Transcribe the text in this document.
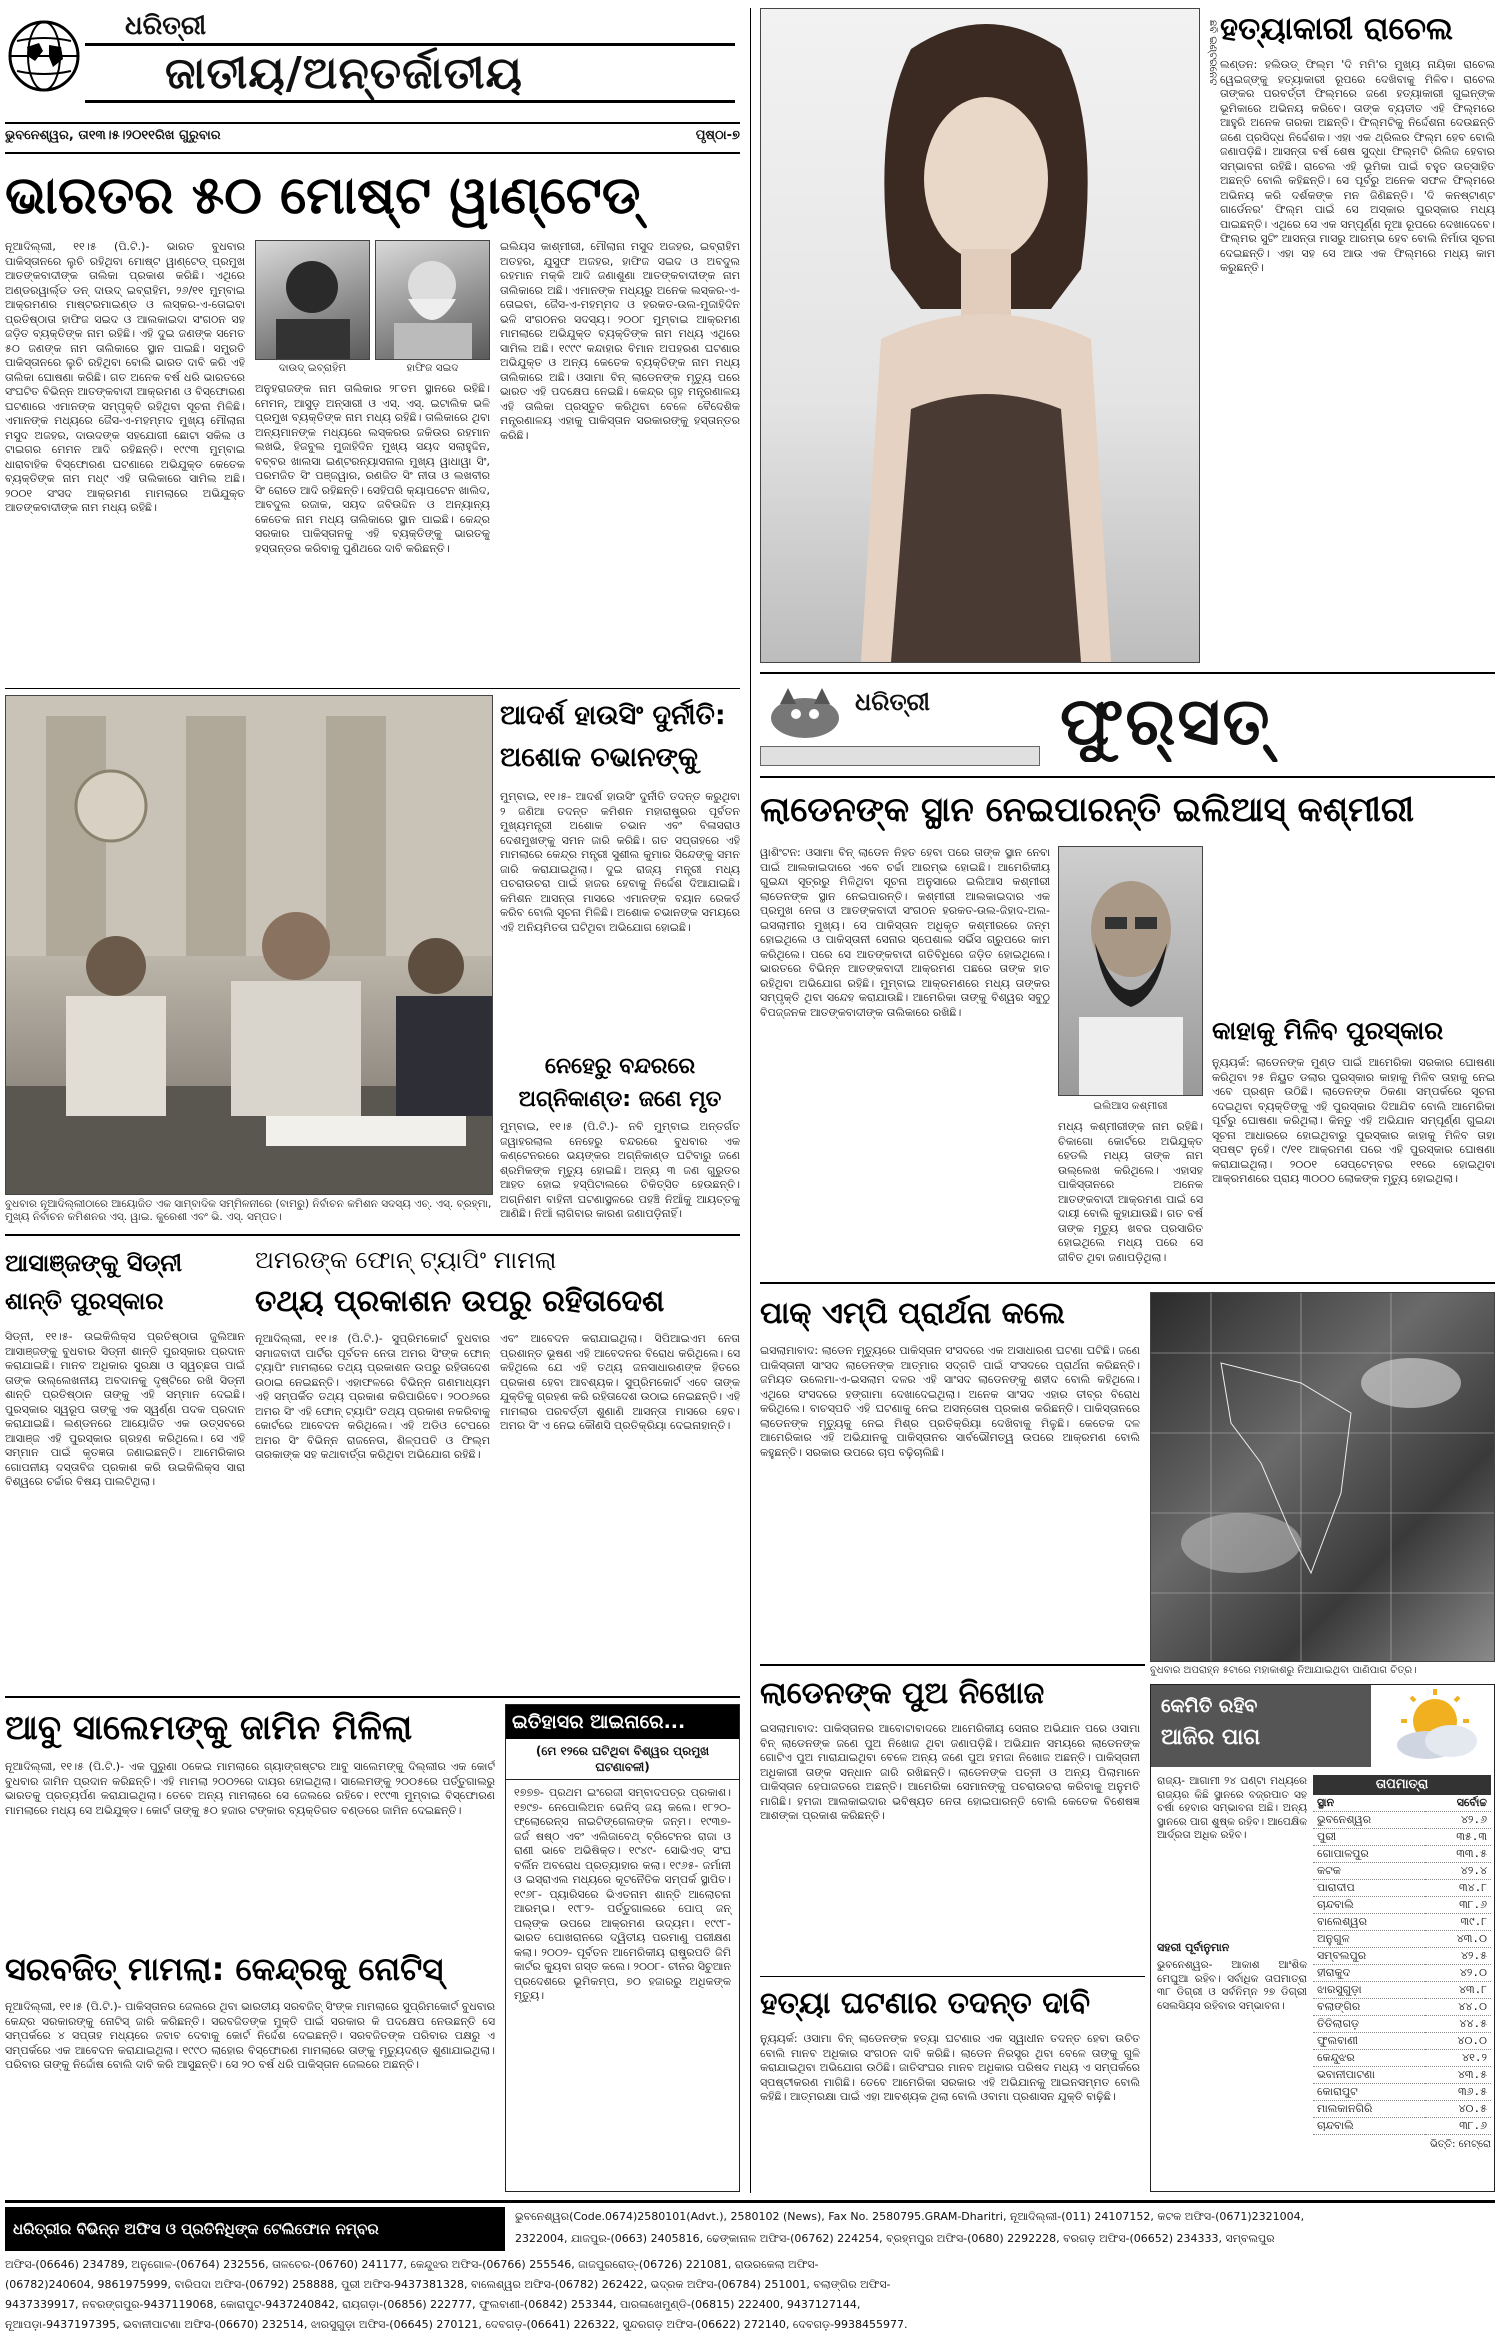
ଧରିତ୍ରୀ
ଜାତୀୟ/ଅନ୍ତର୍ଜାତୀୟ
ଭୁବନେଶ୍ୱର, ତା୧୩।୫।୨୦୧୧ରିଖ ଗୁରୁବାର	ପୃଷ୍ଠା-୭
ଭାରତର ୫୦ ମୋଷ୍ଟ ୱାଣ୍ଟେଡ୍
ନୂଆଦିଲ୍ଲୀ, ୧୧।୫ (ପି.ଟି.)- ଭାରତ ବୁଧବାର ପାକିସ୍ତାନରେ ଲୁଚି ରହିଥିବା ମୋଷ୍ଟ ୱାଣ୍ଟେଡ୍ ପ୍ରମୁଖ ଆତଙ୍କବାଦୀଙ୍କ ତାଲିକା ପ୍ରକାଶ କରିଛି। ଏଥିରେ ଅଣ୍ଡରୱାର୍ଲ୍ଡ ଡନ୍ ଦାଉଦ୍ ଇବ୍ରାହିମ, ୨୬/୧୧ ମୁମ୍ବାଇ ଆକ୍ରମଣର ମାଷ୍ଟରମାଇଣ୍ଡ ଓ ଲସ୍କର-ଏ-ତୋଇବା ପ୍ରତିଷ୍ଠାତା ହାଫିଜ ସଇଦ ଓ ଆଲକାଇଦା ସଂଗଠନ ସହ ଜଡ଼ିତ ବ୍ୟକ୍ତିଙ୍କ ନାମ ରହିଛି। ଏହି ଦୁଇ ଜଣଙ୍କ ସମେତ ୫୦ ଜଣଙ୍କ ନାମ ତାଲିକାରେ ସ୍ଥାନ ପାଇଛି। ସମ୍ପ୍ରତି ପାକିସ୍ତାନରେ ଲୁଚି ରହିଥିବା ବୋଲି ଭାରତ ଦାବି କରି ଏହି ତାଲିକା ଘୋଷଣା କରିଛି। ଗତ ଅନେକ ବର୍ଷ ଧରି ଭାରତରେ ସଂଘଟିତ ବିଭିନ୍ନ ଆତଙ୍କବାଦୀ ଆକ୍ରମଣ ଓ ବିସ୍ଫୋରଣ ଘଟଣାରେ ଏମାନଙ୍କ ସମ୍ପୃକ୍ତି ରହିଥିବା ସୂଚନା ମିଳିଛି। ଏମାନଙ୍କ ମଧ୍ୟରେ ଜୈସ-ଏ-ମହମ୍ମଦ ମୁଖ୍ୟ ମୌଲାନା ମସୁଦ ଅଜହର, ଦାଉଦଙ୍କ ସହଯୋଗୀ ଛୋଟା ସକିଲ ଓ ଟାଇଗର ମେମନ ଆଦି ରହିଛନ୍ତି। ୧୯୯୩ ମୁମ୍ବାଇ ଧାରାବାହିକ ବିସ୍ଫୋରଣ ଘଟଣାରେ ଅଭିଯୁକ୍ତ କେତେକ ବ୍ୟକ୍ତିଙ୍କ ନାମ ମଧ୍୯ ଏହି ତାଲିକାରେ ସାମିଲ ଅଛି। ୨୦୦୧ ସଂସଦ ଆକ୍ରମଣ ମାମଲାରେ ଅଭିଯୁକ୍ତ ଆତଙ୍କବାଦୀଙ୍କ ନାମ ମଧ୍ୟ ରହିଛି।
ଦାଉଦ୍ ଇବ୍ରାହିମ	ହାଫିଜ ସଇଦ
ଅନୁହରାଜଙ୍କ ନାମ ତାଲିକାର ୨୮ତମ ସ୍ଥାନରେ ରହିଛି। ମେମନ୍, ଆସୁଡ଼ ଅନ୍ସାରୀ ଓ ଏସ୍. ଏସ୍. ଇଟାଲିକ ଭଳି ପ୍ରମୁଖ ବ୍ୟକ୍ତିଙ୍କ ନାମ ମଧ୍ୟ ରହିଛି। ତାଲିକାରେ ଥିବା ଅନ୍ୟମାନଙ୍କ ମଧ୍ୟରେ ଲସ୍କରର ଜକିଉର ରହମାନ ଲଖଭି, ହିଜବୁଲ ମୁଜାହିଦିନ ମୁଖ୍ୟ ସୟଦ ସଲାହୁଦ୍ଦିନ, ବବ୍ବର ଖାଲସା ଇଣ୍ଟରନ୍ୟାସନାଲ ମୁଖ୍ୟ ୱାଧାୱା ସିଂ, ପରମଜିତ ସିଂ ପଞ୍ଜୱାର, ରଣଜିତ ସିଂ ନୀତା ଓ ଲଖବୀର ସିଂ ରୋଡେ ଆଦି ରହିଛନ୍ତି। ସେହିପରି କ୍ୟାପଟେନ ଖାଲିଦ, ଆବଦୁଲ ରଜାକ, ସୟଦ ଜବିଉଦ୍ଦିନ ଓ ଅନ୍ୟାନ୍ୟ କେତେକ ନାମ ମଧ୍ୟ ତାଲିକାରେ ସ୍ଥାନ ପାଇଛି। କେନ୍ଦ୍ର ସରକାର ପାକିସ୍ତାନକୁ ଏହି ବ୍ୟକ୍ତିଙ୍କୁ ଭାରତକୁ ହସ୍ତାନ୍ତର କରିବାକୁ ପୁଣିଥରେ ଦାବି କରିଛନ୍ତି।
ଇଲିୟସ କାଶ୍ମୀରୀ, ମୌଲାନା ମସୁଦ ଅଜହର, ଇବ୍ରାହିମ ଅତହର, ଯୁସୁଫ ଅଜହର, ହାଫିଜ ସଇଦ ଓ ଅବଦୁଲ ରହମାନ ମକ୍କି ଆଦି ଜଣାଶୁଣା ଆତଙ୍କବାଦୀଙ୍କ ନାମ ତାଲିକାରେ ଅଛି। ଏମାନଙ୍କ ମଧ୍ୟରୁ ଅନେକ ଲସ୍କର-ଏ-ତୋଇବା, ଜୈସ-ଏ-ମହମ୍ମଦ ଓ ହରକତ-ଉଲ-ମୁଜାହିଦିନ ଭଳି ସଂଗଠନର ସଦସ୍ୟ। ୨୦୦୮ ମୁମ୍ବାଇ ଆକ୍ରମଣ ମାମଲାରେ ଅଭିଯୁକ୍ତ ବ୍ୟକ୍ତିଙ୍କ ନାମ ମଧ୍ୟ ଏଥିରେ ସାମିଲ ଅଛି। ୧୯୯୯ କନ୍ଦାହାର ବିମାନ ଅପହରଣ ଘଟଣାର ଅଭିଯୁକ୍ତ ଓ ଅନ୍ୟ କେତେକ ବ୍ୟକ୍ତିଙ୍କ ନାମ ମଧ୍ୟ ତାଲିକାରେ ଅଛି। ଓସାମା ବିନ୍ ଲାଡେନଙ୍କ ମୃତ୍ୟୁ ପରେ ଭାରତ ଏହି ପଦକ୍ଷେପ ନେଇଛି। କେନ୍ଦ୍ର ଗୃହ ମନ୍ତ୍ରଣାଳୟ ଏହି ତାଲିକା ପ୍ରସ୍ତୁତ କରିଥିବା ବେଳେ ବୈଦେଶିକ ମନ୍ତ୍ରଣାଳୟ ଏହାକୁ ପାକିସ୍ତାନ ସରକାରଙ୍କୁ ହସ୍ତାନ୍ତର କରିଛି।
ବୁଧବାର ନୂଆଦିଲ୍ଲୀଠାରେ ଆୟୋଜିତ ଏକ ସାମ୍ବାଦିକ ସମ୍ମିଳନୀରେ (ବାମରୁ) ନିର୍ବାଚନ କମିଶନ ସଦସ୍ୟ ଏଚ୍. ଏସ୍. ବ୍ରହ୍ମା, ମୁଖ୍ୟ ନିର୍ବାଚନ କମିଶନର ଏସ୍. ୱାଇ. କୁରେଶୀ ଏବଂ ଭି. ଏସ୍. ସମ୍ପତ।
ଆଦର୍ଶ ହାଉସିଂ ଦୁର୍ନୀତି: ଅଶୋକ ଚଭାନଙ୍କୁ
ମୁମ୍ବାଇ, ୧୧।୫- ଆଦର୍ଶ ହାଉସିଂ ଦୁର୍ନୀତି ତଦନ୍ତ କରୁଥିବା ୨ ଜଣିଆ ତଦନ୍ତ କମିଶନ ମହାରାଷ୍ଟ୍ରର ପୂର୍ବତନ ମୁଖ୍ୟମନ୍ତ୍ରୀ ଅଶୋକ ଚଭାନ ଏବଂ ବିଳାସରାଓ ଦେଶମୁଖଙ୍କୁ ସମନ ଜାରି କରିଛି। ଗତ ସପ୍ତାହରେ ଏହି ମାମଲାରେ କେନ୍ଦ୍ର ମନ୍ତ୍ରୀ ସୁଶୀଲ କୁମାର ସିନ୍ଦେଙ୍କୁ ସମନ ଜାରି କରାଯାଇଥିଲା। ଦୁଇ ରାଜ୍ୟ ମନ୍ତ୍ରୀ ମଧ୍ୟ ପଚରାଉଚରା ପାଇଁ ହାଜର ହେବାକୁ ନିର୍ଦ୍ଦେଶ ଦିଆଯାଇଛି। କମିଶନ ଆସନ୍ତା ମାସରେ ଏମାନଙ୍କ ବୟାନ ରେକର୍ଡ କରିବ ବୋଲି ସୂଚନା ମିଳିଛି। ଅଶୋକ ଚଭାନଙ୍କ ସମୟରେ ଏହି ଅନିୟମିତତା ଘଟିଥିବା ଅଭିଯୋଗ ହୋଇଛି।
ନେହେରୁ ବନ୍ଦରରେ ଅଗ୍ନିକାଣ୍ଡ: ଜଣେ ମୃତ
ମୁମ୍ବାଇ, ୧୧।୫ (ପି.ଟି.)- ନବି ମୁମ୍ବାଇ ଅନ୍ତର୍ଗତ ଜୱାହରଲାଲ ନେହେରୁ ବନ୍ଦରରେ ବୁଧବାର ଏକ କଣ୍ଟେନରରେ ଭୟଙ୍କର ଅଗ୍ନିକାଣ୍ଡ ଘଟିବାରୁ ଜଣେ ଶ୍ରମିକଙ୍କ ମୃତ୍ୟୁ ହୋଇଛି। ଅନ୍ୟ ୩ ଜଣ ଗୁରୁତର ଆହତ ହୋଇ ହସ୍ପିଟାଲରେ ଚିକିତ୍ସିତ ହେଉଛନ୍ତି। ଅଗ୍ନିଶମ ବାହିନୀ ଘଟଣାସ୍ଥଳରେ ପହଞ୍ଚି ନିଆଁକୁ ଆୟତ୍ତକୁ ଆଣିଛି। ନିଆଁ ଲାଗିବାର କାରଣ ଜଣାପଡ଼ିନାହିଁ।
ଛବି ଇଣ୍ଟରନେଟ ହତ୍ୟାକାରୀ ରାଚେଲ
ଲଣ୍ଡନ: ହଲିଉଡ୍ ଫିଲ୍ମ 'ଦି ମମି'ର ମୁଖ୍ୟ ନାୟିକା ରାଚେଲ ୱେଇଜ୍‌ଙ୍କୁ ହତ୍ୟାକାରୀ ରୂପରେ ଦେଖିବାକୁ ମିଳିବ। ରାଚେଲ ତାଙ୍କର ପରବର୍ତ୍ତୀ ଫିଲ୍ମରେ ଜଣେ ହତ୍ୟାକାରୀ ଗୁଇନ୍‌ଙ୍କ ଭୂମିକାରେ ଅଭିନୟ କରିବେ। ତାଙ୍କ ବ୍ୟତୀତ ଏହି ଫିଲ୍ମରେ ଆହୁରି ଅନେକ ତାରକା ଅଛନ୍ତି। ଫିଲ୍ମଟିକୁ ନିର୍ଦ୍ଦେଶନା ଦେଉଛନ୍ତି ଜଣେ ପ୍ରସିଦ୍ଧ ନିର୍ଦ୍ଦେଶକ। ଏହା ଏକ ଥ୍ରିଲର ଫିଲ୍ମ ହେବ ବୋଲି ଜଣାପଡ଼ିଛି। ଆସନ୍ତା ବର୍ଷ ଶେଷ ସୁଦ୍ଧା ଫିଲ୍ମଟି ରିଲିଜ ହେବାର ସମ୍ଭାବନା ରହିଛି। ରାଚେଲ ଏହି ଭୂମିକା ପାଇଁ ବହୁତ ଉତ୍ସାହିତ ଅଛନ୍ତି ବୋଲି କହିଛନ୍ତି। ସେ ପୂର୍ବରୁ ଅନେକ ସଫଳ ଫିଲ୍ମରେ ଅଭିନୟ କରି ଦର୍ଶକଙ୍କ ମନ ଜିଣିଛନ୍ତି। 'ଦି କନଷ୍ଟାଣ୍ଟ ଗାର୍ଡେନର' ଫିଲ୍ମ ପାଇଁ ସେ ଅସ୍କାର ପୁରସ୍କାର ମଧ୍ୟ ପାଇଛନ୍ତି। ଏଥିରେ ସେ ଏକ ସମ୍ପୂର୍ଣ୍ଣ ନୂଆ ରୂପରେ ଦେଖାଦେବେ। ଫିଲ୍ମର ସୁଟିଂ ଆସନ୍ତା ମାସରୁ ଆରମ୍ଭ ହେବ ବୋଲି ନିର୍ମାତା ସୂଚନା ଦେଇଛନ୍ତି। ଏହା ସହ ସେ ଆଉ ଏକ ଫିଲ୍ମରେ ମଧ୍ୟ କାମ କରୁଛନ୍ତି।
ଧରିତ୍ରୀ	ଫୁର୍‌ସତ୍
ଲାଡେନଙ୍କ ସ୍ଥାନ ନେଇପାରନ୍ତି ଇଲିଆସ୍ କଶ୍ମୀରୀ
ୱାଶିଂଟନ: ଓସାମା ବିନ୍ ଲାଡେନ ନିହତ ହେବା ପରେ ତାଙ୍କ ସ୍ଥାନ ନେବା ପାଇଁ ଆଲକାଇଦାରେ ଏବେ ଚର୍ଚ୍ଚା ଆରମ୍ଭ ହୋଇଛି। ଆମେରିକୀୟ ଗୁଇନ୍ଦା ସୂତ୍ରରୁ ମିଳିଥିବା ସୂଚନା ଅନୁସାରେ ଇଲିଆସ କଶ୍ମୀରୀ ଲାଡେନଙ୍କ ସ୍ଥାନ ନେଇପାରନ୍ତି। କଶ୍ମୀରୀ ଆଲକାଇଦାର ଏକ ପ୍ରମୁଖ ନେତା ଓ ଆତଙ୍କବାଦୀ ସଂଗଠନ ହରକତ-ଉଲ-ଜିହାଦ-ଅଲ-ଇସଲାମୀର ମୁଖ୍ୟ। ସେ ପାକିସ୍ତାନ ଅଧିକୃତ କଶ୍ମୀରରେ ଜନ୍ମ ହୋଇଥିଲେ ଓ ପାକିସ୍ତାନୀ ସେନାର ସ୍ପେଶାଲ ସର୍ଭିସ ଗ୍ରୁପରେ କାମ କରିଥିଲେ। ପରେ ସେ ଆତଙ୍କବାଦୀ ଗତିବିଧିରେ ଜଡ଼ିତ ହୋଇଥିଲେ। ଭାରତରେ ବିଭିନ୍ନ ଆତଙ୍କବାଦୀ ଆକ୍ରମଣ ପଛରେ ତାଙ୍କ ହାତ ରହିଥିବା ଅଭିଯୋଗ ରହିଛି। ମୁମ୍ବାଇ ଆକ୍ରମଣରେ ମଧ୍ୟ ତାଙ୍କର ସମ୍ପୃକ୍ତି ଥିବା ସନ୍ଦେହ କରାଯାଉଛି। ଆମେରିକା ତାଙ୍କୁ ବିଶ୍ୱର ସବୁଠୁ ବିପଜ୍ଜନକ ଆତଙ୍କବାଦୀଙ୍କ ତାଲିକାରେ ରଖିଛି।
ଇଲିଆସ କଶ୍ମୀରୀ
ମଧ୍ୟ କଶ୍ମୀରୀଙ୍କ ନାମ ରହିଛି। ଚିକାଗୋ କୋର୍ଟରେ ଅଭିଯୁକ୍ତ ହେଡଲି ମଧ୍ୟ ତାଙ୍କ ନାମ ଉଲ୍ଲେଖ କରିଥିଲେ। ଏହାସହ ପାକିସ୍ତାନରେ ଅନେକ ଆତଙ୍କବାଦୀ ଆକ୍ରମଣ ପାଇଁ ସେ ଦାୟୀ ବୋଲି କୁହାଯାଉଛି। ଗତ ବର୍ଷ ତାଙ୍କ ମୃତ୍ୟୁ ଖବର ପ୍ରସାରିତ ହୋଇଥିଲେ ମଧ୍ୟ ପରେ ସେ ଜୀବିତ ଥିବା ଜଣାପଡ଼ିଥିଲା।
କାହାକୁ ମିଳିବ ପୁରସ୍କାର
ନ୍ୟୁୟର୍କ: ଲାଡେନଙ୍କ ମୁଣ୍ଡ ପାଇଁ ଆମେରିକା ସରକାର ଘୋଷଣା କରିଥିବା ୨୫ ନିୟୁତ ଡଲାର ପୁରସ୍କାର କାହାକୁ ମିଳିବ ତାହାକୁ ନେଇ ଏବେ ପ୍ରଶ୍ନ ଉଠିଛି। ଲାଡେନଙ୍କ ଠିକଣା ସମ୍ପର୍କରେ ସୂଚନା ଦେଇଥିବା ବ୍ୟକ୍ତିଙ୍କୁ ଏହି ପୁରସ୍କାର ଦିଆଯିବ ବୋଲି ଆମେରିକା ପୂର୍ବରୁ ଘୋଷଣା କରିଥିଲା। କିନ୍ତୁ ଏହି ଅଭିଯାନ ସମ୍ପୂର୍ଣ୍ଣ ଗୁଇନ୍ଦା ସୂଚନା ଆଧାରରେ ହୋଇଥିବାରୁ ପୁରସ୍କାର କାହାକୁ ମିଳିବ ତାହା ସ୍ପଷ୍ଟ ନୁହେଁ। ୯/୧୧ ଆକ୍ରମଣ ପରେ ଏହି ପୁରସ୍କାର ଘୋଷଣା କରାଯାଇଥିଲା। ୨୦୦୧ ସେପ୍ଟେମ୍ବର ୧୧ରେ ହୋଇଥିବା ଆକ୍ରମଣରେ ପ୍ରାୟ ୩୦୦୦ ଲୋକଙ୍କ ମୃତ୍ୟୁ ହୋଇଥିଲା।
ଆସାଞ୍ଜଙ୍କୁ ସିଡ୍‌ନୀ ଶାନ୍ତି ପୁରସ୍କାର
ସିଡ୍‌ନୀ, ୧୧।୫- ଉଇକିଲିକ୍‌ସ ପ୍ରତିଷ୍ଠାତା ଜୁଲିଆନ ଆସାଞ୍ଜଙ୍କୁ ବୁଧବାର ସିଡ୍‌ନୀ ଶାନ୍ତି ପୁରସ୍କାର ପ୍ରଦାନ କରାଯାଇଛି। ମାନବ ଅଧିକାର ସୁରକ୍ଷା ଓ ସ୍ୱଚ୍ଛତା ପାଇଁ ତାଙ୍କ ଉଲ୍ଲେଖନୀୟ ଅବଦାନକୁ ଦୃଷ୍ଟିରେ ରଖି ସିଡ୍‌ନୀ ଶାନ୍ତି ପ୍ରତିଷ୍ଠାନ ତାଙ୍କୁ ଏହି ସମ୍ମାନ ଦେଇଛି। ପୁରସ୍କାର ସ୍ୱରୂପ ତାଙ୍କୁ ଏକ ସ୍ୱର୍ଣ୍ଣ ପଦକ ପ୍ରଦାନ କରାଯାଇଛି। ଲଣ୍ଡନରେ ଆୟୋଜିତ ଏକ ଉତ୍ସବରେ ଆସାଞ୍ଜ ଏହି ପୁରସ୍କାର ଗ୍ରହଣ କରିଥିଲେ। ସେ ଏହି ସମ୍ମାନ ପାଇଁ କୃତଜ୍ଞତା ଜଣାଇଛନ୍ତି। ଆମେରିକାର ଗୋପନୀୟ ଦସ୍ତାବିଜ ପ୍ରକାଶ କରି ଉଇକିଲିକ୍‌ସ ସାରା ବିଶ୍ୱରେ ଚର୍ଚ୍ଚାର ବିଷୟ ପାଲଟିଥିଲା।
ଅମରଙ୍କ ଫୋନ୍ ଟ୍ୟାପିଂ ମାମଲା
ତଥ୍ୟ ପ୍ରକାଶନ ଉପରୁ ରହିତାଦେଶ
ନୂଆଦିଲ୍ଲୀ, ୧୧।୫ (ପି.ଟି.)- ସୁପ୍ରିମକୋର୍ଟ ବୁଧବାର ସମାଜବାଦୀ ପାର୍ଟିର ପୂର୍ବତନ ନେତା ଅମର ସିଂଙ୍କ ଫୋନ୍ ଟ୍ୟାପିଂ ମାମଲାରେ ତଥ୍ୟ ପ୍ରକାଶନ ଉପରୁ ରହିତାଦେଶ ଉଠାଇ ନେଇଛନ୍ତି। ଏହାଫଳରେ ବିଭିନ୍ନ ଗଣମାଧ୍ୟମ ଏହି ସମ୍ପର୍କିତ ତଥ୍ୟ ପ୍ରକାଶ କରିପାରିବେ। ୨୦୦୬ରେ ଅମର ସିଂ ଏହି ଫୋନ୍ ଟ୍ୟାପିଂ ତଥ୍ୟ ପ୍ରକାଶ ନକରିବାକୁ କୋର୍ଟରେ ଆବେଦନ କରିଥିଲେ। ଏହି ଅଡିଓ ଟେପରେ ଅମର ସିଂ ବିଭିନ୍ନ ରାଜନେତା, ଶିଳ୍ପପତି ଓ ଫିଲ୍ମ ତାରକାଙ୍କ ସହ କଥାବାର୍ତ୍ତା କରିଥିବା ଅଭିଯୋଗ ରହିଛି।
ଏବଂ ଆବେଦନ କରାଯାଇଥିଲା। ସିପିଆଇଏମ ନେତା ପ୍ରଶାନ୍ତ ଭୂଷଣ ଏହି ଆବେଦନର ବିରୋଧ କରିଥିଲେ। ସେ କହିଥିଲେ ଯେ ଏହି ତଥ୍ୟ ଜନସାଧାରଣଙ୍କ ହିତରେ ପ୍ରକାଶ ହେବା ଆବଶ୍ୟକ। ସୁପ୍ରିମକୋର୍ଟ ଏବେ ତାଙ୍କ ଯୁକ୍ତିକୁ ଗ୍ରହଣ କରି ରହିତାଦେଶ ଉଠାଇ ନେଇଛନ୍ତି। ଏହି ମାମଲାର ପରବର୍ତ୍ତୀ ଶୁଣାଣି ଆସନ୍ତା ମାସରେ ହେବ। ଅମର ସିଂ ଏ ନେଇ କୌଣସି ପ୍ରତିକ୍ରିୟା ଦେଇନାହାନ୍ତି।
ଆବୁ ସାଲେମଙ୍କୁ ଜାମିନ ମିଳିଲା
ନୂଆଦିଲ୍ଲୀ, ୧୧।୫ (ପି.ଟି.)- ଏକ ପୁରୁଣା ଠକେଇ ମାମଲାରେ ଗ୍ୟାଙ୍ଗଷ୍ଟର ଆବୁ ସାଲେମଙ୍କୁ ଦିଲ୍ଲୀର ଏକ କୋର୍ଟ ବୁଧବାର ଜାମିନ ପ୍ରଦାନ କରିଛନ୍ତି। ଏହି ମାମଲା ୨୦୦୨ରେ ଦାୟର ହୋଇଥିଲା। ସାଲେମଙ୍କୁ ୨୦୦୫ରେ ପର୍ତ୍ତୁଗାଲରୁ ଭାରତକୁ ପ୍ରତ୍ୟର୍ପଣ କରାଯାଇଥିଲା। ତେବେ ଅନ୍ୟ ମାମଲାରେ ସେ ଜେଲରେ ରହିବେ। ୧୯୯୩ ମୁମ୍ବାଇ ବିସ୍ଫୋରଣ ମାମଲାରେ ମଧ୍ୟ ସେ ଅଭିଯୁକ୍ତ। କୋର୍ଟ ତାଙ୍କୁ ୫୦ ହଜାର ଟଙ୍କାର ବ୍ୟକ୍ତିଗତ ବଣ୍ଡରେ ଜାମିନ ଦେଇଛନ୍ତି।
ସରବଜିତ୍ ମାମଲା: କେନ୍ଦ୍ରକୁ ନୋଟିସ୍
ନୂଆଦିଲ୍ଲୀ, ୧୧।୫ (ପି.ଟି.)- ପାକିସ୍ତାନର ଜେଲରେ ଥିବା ଭାରତୀୟ ସରବଜିତ୍ ସିଂଙ୍କ ମାମଲାରେ ସୁପ୍ରିମକୋର୍ଟ ବୁଧବାର କେନ୍ଦ୍ର ସରକାରଙ୍କୁ ନୋଟିସ୍ ଜାରି କରିଛନ୍ତି। ସରବଜିତଙ୍କ ମୁକ୍ତି ପାଇଁ ସରକାର କି ପଦକ୍ଷେପ ନେଉଛନ୍ତି ସେ ସମ୍ପର୍କରେ ୪ ସପ୍ତାହ ମଧ୍ୟରେ ଜବାବ ଦେବାକୁ କୋର୍ଟ ନିର୍ଦ୍ଦେଶ ଦେଇଛନ୍ତି। ସରବଜିତଙ୍କ ପରିବାର ପକ୍ଷରୁ ଏ ସମ୍ପର୍କରେ ଏକ ଆବେଦନ କରାଯାଇଥିଲା। ୧୯୯୦ ଲାହୋର ବିସ୍ଫୋରଣ ମାମଲାରେ ତାଙ୍କୁ ମୃତ୍ୟୁଦଣ୍ଡ ଶୁଣାଯାଇଥିଲା। ପରିବାର ତାଙ୍କୁ ନିର୍ଦ୍ଦୋଷ ବୋଲି ଦାବି କରି ଆସୁଛନ୍ତି। ସେ ୨୦ ବର୍ଷ ଧରି ପାକିସ୍ତାନ ଜେଲରେ ଅଛନ୍ତି।
ଇତିହାସର ଆଇନାରେ...
(ମେ ୧୨ରେ ଘଟିଥିବା ବିଶ୍ୱର ପ୍ରମୁଖ ଘଟଣାବଳୀ)
୧୭୭୭- ପ୍ରଥମ ଇଂରେଜୀ ସମ୍ବାଦପତ୍ର ପ୍ରକାଶ। ୧୭୯୭- ନେପୋଲିଅନ ଭେନିସ୍ ଜୟ କଲେ। ୧୮୨୦- ଫ୍ଲୋରେନ୍ସ ନାଇଟିଙ୍ଗେଲଙ୍କ ଜନ୍ମ। ୧୯୩୭- ଜର୍ଜ ଷଷ୍ଠ ଏବଂ ଏଲିଜାବେଥ୍ ବ୍ରିଟେନର ରାଜା ଓ ରାଣୀ ଭାବେ ଅଭିଷିକ୍ତ। ୧୯୪୯- ସୋଭିଏତ୍ ସଂଘ ବର୍ଲିନ ଅବରୋଧ ପ୍ରତ୍ୟାହାର କଲା। ୧୯୬୫- ଜର୍ମାନୀ ଓ ଇସ୍ରାଏଲ ମଧ୍ୟରେ କୂଟନୈତିକ ସମ୍ପର୍କ ସ୍ଥାପିତ। ୧୯୬୮- ପ୍ୟାରିସରେ ଭିଏତନାମ ଶାନ୍ତି ଆଲୋଚନା ଆରମ୍ଭ। ୧୯୮୨- ପର୍ତ୍ତୁଗାଲରେ ପୋପ୍ ଜନ୍ ପଲ୍‌ଙ୍କ ଉପରେ ଆକ୍ରମଣ ଉଦ୍ୟମ। ୧୯୯୮- ଭାରତ ପୋଖରାନରେ ଦ୍ୱିତୀୟ ପରମାଣୁ ପରୀକ୍ଷଣ କଲା। ୨୦୦୨- ପୂର୍ବତନ ଆମେରିକୀୟ ରାଷ୍ଟ୍ରପତି ଜିମି କାର୍ଟର କ୍ୟୁବା ଗସ୍ତ କଲେ। ୨୦୦୮- ଚୀନର ସିଚୁଆନ ପ୍ରଦେଶରେ ଭୂମିକମ୍ପ, ୭୦ ହଜାରରୁ ଅଧିକଙ୍କ ମୃତ୍ୟୁ।
ପାକ୍ ଏମ୍‌ପି ପ୍ରାର୍ଥନା କଲେ
ଇସଲାମାବାଦ: ଲାଡେନ ମୃତ୍ୟୁରେ ପାକିସ୍ତାନ ସଂସଦରେ ଏକ ଅସାଧାରଣ ଘଟଣା ଘଟିଛି। ଜଣେ ପାକିସ୍ତାନୀ ସାଂସଦ ଲାଡେନଙ୍କ ଆତ୍ମାର ସଦ୍‌ଗତି ପାଇଁ ସଂସଦରେ ପ୍ରାର୍ଥନା କରିଛନ୍ତି। ଜମିୟତ ଉଲେମା-ଏ-ଇସଲାମ ଦଳର ଏହି ସାଂସଦ ଲାଡେନଙ୍କୁ ଶହୀଦ ବୋଲି କହିଥିଲେ। ଏଥିରେ ସଂସଦରେ ହଙ୍ଗାମା ଦେଖାଦେଇଥିଲା। ଅନେକ ସାଂସଦ ଏହାର ତୀବ୍ର ବିରୋଧ କରିଥିଲେ। ବାଚସ୍ପତି ଏହି ଘଟଣାକୁ ନେଇ ଅସନ୍ତୋଷ ପ୍ରକାଶ କରିଛନ୍ତି। ପାକିସ୍ତାନରେ ଲାଡେନଙ୍କ ମୃତ୍ୟୁକୁ ନେଇ ମିଶ୍ର ପ୍ରତିକ୍ରିୟା ଦେଖିବାକୁ ମିଳୁଛି। କେତେକ ଦଳ ଆମେରିକାର ଏହି ଅଭିଯାନକୁ ପାକିସ୍ତାନର ସାର୍ବଭୌମତ୍ୱ ଉପରେ ଆକ୍ରମଣ ବୋଲି କହୁଛନ୍ତି। ସରକାର ଉପରେ ଚାପ ବଢ଼ିଚାଲିଛି।
ବୁଧବାର ଅପରାହ୍ନ ୫ଟାରେ ମହାକାଶରୁ ନିଆଯାଇଥିବା ପାଣିପାଗ ଚିତ୍ର।
ଲାଡେନଙ୍କ ପୁଅ ନିଖୋଜ
ଇସଲାମାବାଦ: ପାକିସ୍ତାନର ଆବୋଟାବାଦରେ ଆମେରିକୀୟ ସେନାର ଅଭିଯାନ ପରେ ଓସାମା ବିନ୍ ଲାଡେନଙ୍କ ଜଣେ ପୁଅ ନିଖୋଜ ଥିବା ଜଣାପଡ଼ିଛି। ଅଭିଯାନ ସମୟରେ ଲାଡେନଙ୍କ ଗୋଟିଏ ପୁଅ ମାରାଯାଇଥିବା ବେଳେ ଅନ୍ୟ ଜଣେ ପୁଅ ହମଜା ନିଖୋଜ ଅଛନ୍ତି। ପାକିସ୍ତାନୀ ଅଧିକାରୀ ତାଙ୍କ ସନ୍ଧାନ ଜାରି ରଖିଛନ୍ତି। ଲାଡେନଙ୍କ ପତ୍ନୀ ଓ ଅନ୍ୟ ପିଲାମାନେ ପାକିସ୍ତାନ ହେପାଜତରେ ଅଛନ୍ତି। ଆମେରିକା ସେମାନଙ୍କୁ ପଚରାଉଚରା କରିବାକୁ ଅନୁମତି ମାଗିଛି। ହମଜା ଆଲକାଇଦାର ଭବିଷ୍ୟତ ନେତା ହୋଇପାରନ୍ତି ବୋଲି କେତେକ ବିଶେଷଜ୍ଞ ଆଶଙ୍କା ପ୍ରକାଶ କରିଛନ୍ତି।
ହତ୍ୟା ଘଟଣାର ତଦନ୍ତ ଦାବି
ନ୍ୟୁୟର୍କ: ଓସାମା ବିନ୍ ଲାଡେନଙ୍କ ହତ୍ୟା ଘଟଣାର ଏକ ସ୍ୱାଧୀନ ତଦନ୍ତ ହେବା ଉଚିତ ବୋଲି ମାନବ ଅଧିକାର ସଂଗଠନ ଦାବି କରିଛି। ଲାଡେନ ନିରସ୍ତ୍ର ଥିବା ବେଳେ ତାଙ୍କୁ ଗୁଳି କରାଯାଇଥିବା ଅଭିଯୋଗ ଉଠିଛି। ଜାତିସଂଘର ମାନବ ଅଧିକାର ପରିଷଦ ମଧ୍ୟ ଏ ସମ୍ପର୍କରେ ସ୍ପଷ୍ଟୀକରଣ ମାଗିଛି। ତେବେ ଆମେରିକା ସରକାର ଏହି ଅଭିଯାନକୁ ଆଇନସମ୍ମତ ବୋଲି କହିଛି। ଆତ୍ମରକ୍ଷା ପାଇଁ ଏହା ଆବଶ୍ୟକ ଥିଲା ବୋଲି ଓବାମା ପ୍ରଶାସନ ଯୁକ୍ତି ବାଢ଼ିଛି।
କେମିତି ରହିବ
ଆଜିର ପାଗ
ରାଜ୍ୟ- ଆଗାମୀ ୨୪ ଘଣ୍ଟା ମଧ୍ୟରେ ରାଜ୍ୟର କିଛି ସ୍ଥାନରେ ବଜ୍ରପାତ ସହ ବର୍ଷା ହେବାର ସମ୍ଭାବନା ଅଛି। ଅନ୍ୟ ସ୍ଥାନରେ ପାଗ ଶୁଷ୍କ ରହିବ। ଆପେକ୍ଷିକ ଆର୍ଦ୍ରତା ଅଧିକ ରହିବ।
ସହରୀ ପୂର୍ବାନୁମାନ
ଭୁବନେଶ୍ୱର- ଆକାଶ ଆଂଶିକ ମେଘୁଆ ରହିବ। ସର୍ବାଧିକ ତାପମାତ୍ରା ୩୮ ଡିଗ୍ରୀ ଓ ସର୍ବନିମ୍ନ ୨୭ ଡିଗ୍ରୀ ସେଲସିୟସ ରହିବାର ସମ୍ଭାବନା।
ତାପମାତ୍ରା
ସ୍ଥାନ	ସର୍ବୋଚ୍ଚ
ଭୁବନେଶ୍ୱର	୪୨.୬
ପୁରୀ	୩୫.୩
ଗୋପାଳପୁର	୩୩.୫
କଟକ	୪୨.୪
ପାରାଦୀପ	୩୪.୮
ଚାନ୍ଦବାଲି	୩୮.୬
ବାଲେଶ୍ୱର	୩୯.୮
ଅନୁଗୁଳ	୪୩.୦
ସମ୍ବଲପୁର	୪୨.୫
ହୀରାକୁଦ	୪୨.୦
ଝାରସୁଗୁଡ଼ା	୪୩.୮
ବଲାଙ୍ଗିର	୪୪.୦
ତିତିଲାଗଡ଼	୪୪.୫
ଫୁଲବାଣୀ	୪୦.୦
କେନ୍ଦୁଝର	୪୧.୨
ଭବାନୀପାଟଣା	୪୩.୫
କୋରାପୁଟ	୩୬.୫
ମାଲକାନଗିରି	୪୦.୫
ଚାନ୍ଦବାଲି	୩୮.୬
ଭିତ୍ତି: ମେଟ୍ରୋ
ଧରିତ୍ରୀର ବିଭିନ୍ନ ଅଫିସ ଓ ପ୍ରତିନିଧିଙ୍କ ଟେଲିଫୋନ ନମ୍ବର
ଭୁବନେଶ୍ୱର(Code.0674)2580101(Advt.), 2580102 (News), Fax No. 2580795.GRAM-Dharitri, ନୂଆଦିଲ୍ଲୀ-(011) 24107152, କଟକ ଅଫିସ-(0671)2321004,
2322004, ଯାଜପୁର-(0663) 2405816, ଢେଙ୍କାନାଳ ଅଫିସ-(06762) 224254, ବ୍ରହ୍ମପୁର ଅଫିସ-(0680) 2292228, ବରଗଡ଼ ଅଫିସ-(06652) 234333, ସମ୍ବଲପୁର
ଅଫିସ-(06646) 234789, ଅନୁଗୋଳ-(06764) 232556, ତାଳଚେର-(06760) 241177, କେନ୍ଦୁଝର ଅଫିସ-(06766) 255546, ଜାଜପୁରରୋଡ୍-(06726) 221081, ରାଉରକେଲା ଅଫିସ-
(06782)240604, 9861975999, ବାରିପଦା ଅଫିସ-(06792) 258888, ପୁରୀ ଅଫିସ-9437381328, ବାଲେଶ୍ୱର ଅଫିସ-(06782) 262422, ଭଦ୍ରକ ଅଫିସ-(06784) 251001, ବଲାଙ୍ଗିର ଅଫିସ-
9437339917, ନବରଙ୍ଗପୁର-9437119068, କୋରାପୁଟ-9437240842, ରାୟଗଡ଼ା-(06856) 222777, ଫୁଲବାଣୀ-(06842) 253344, ପାରଳାଖେମୁଣ୍ଡି-(06815) 222400, 9437127144,
ନୂଆପଡ଼ା-9437197395, ଭବାନୀପାଟଣା ଅଫିସ-(06670) 232514, ଝାରସୁଗୁଡ଼ା ଅଫିସ-(06645) 270121, ଦେବଗଡ଼-(06641) 226322, ସୁନ୍ଦରଗଡ଼ ଅଫିସ-(06622) 272140, ଦେବଗଡ଼-9938455977.
